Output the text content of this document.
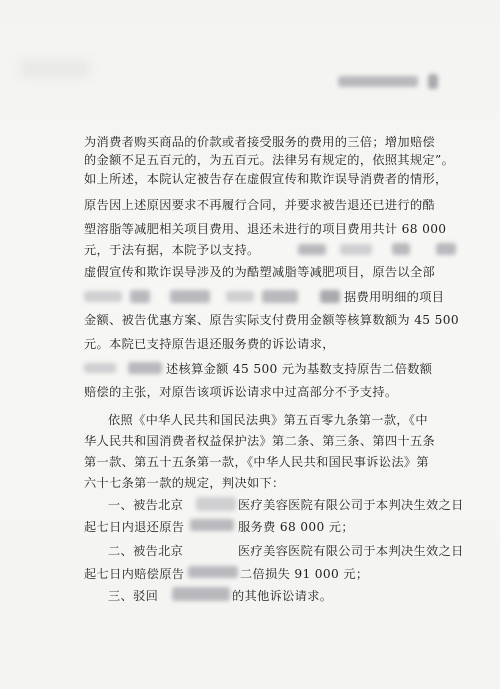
为消费者购买商品的价款或者接受服务的费用的三倍；增加赔偿
的金额不足五百元的，为五百元。法律另有规定的，依照其规定”。
如上所述，本院认定被告存在虚假宣传和欺诈误导消费者的情形，
原告因上述原因要求不再履行合同，并要求被告退还已进行的酷
塑溶脂等减肥相关项目费用、退还未进行的项目费用共计 68 000
元，于法有据，本院予以支持。
虚假宣传和欺诈误导涉及的为酷塑减脂等减肥项目，原告以全部
据费用明细的项目
金额、被告优惠方案、原告实际支付费用金额等核算数额为 45 500
元。本院已支持原告退还服务费的诉讼请求，
述核算金额 45 500 元为基数支持原告二倍数额
赔偿的主张，对原告该项诉讼请求中过高部分不予支持。
依照《中华人民共和国民法典》第五百零九条第一款，《中
华人民共和国消费者权益保护法》第二条、第三条、第四十五条
第一款、第五十五条第一款，《中华人民共和国民事诉讼法》第
六十七条第一款的规定，判决如下：
一、被告北京	医疗美容医院有限公司于本判决生效之日
起七日内退还原告	服务费 68 000 元；
二、被告北京	医疗美容医院有限公司于本判决生效之日
起七日内赔偿原告	二倍损失 91 000 元；
三、驳回	的其他诉讼请求。
